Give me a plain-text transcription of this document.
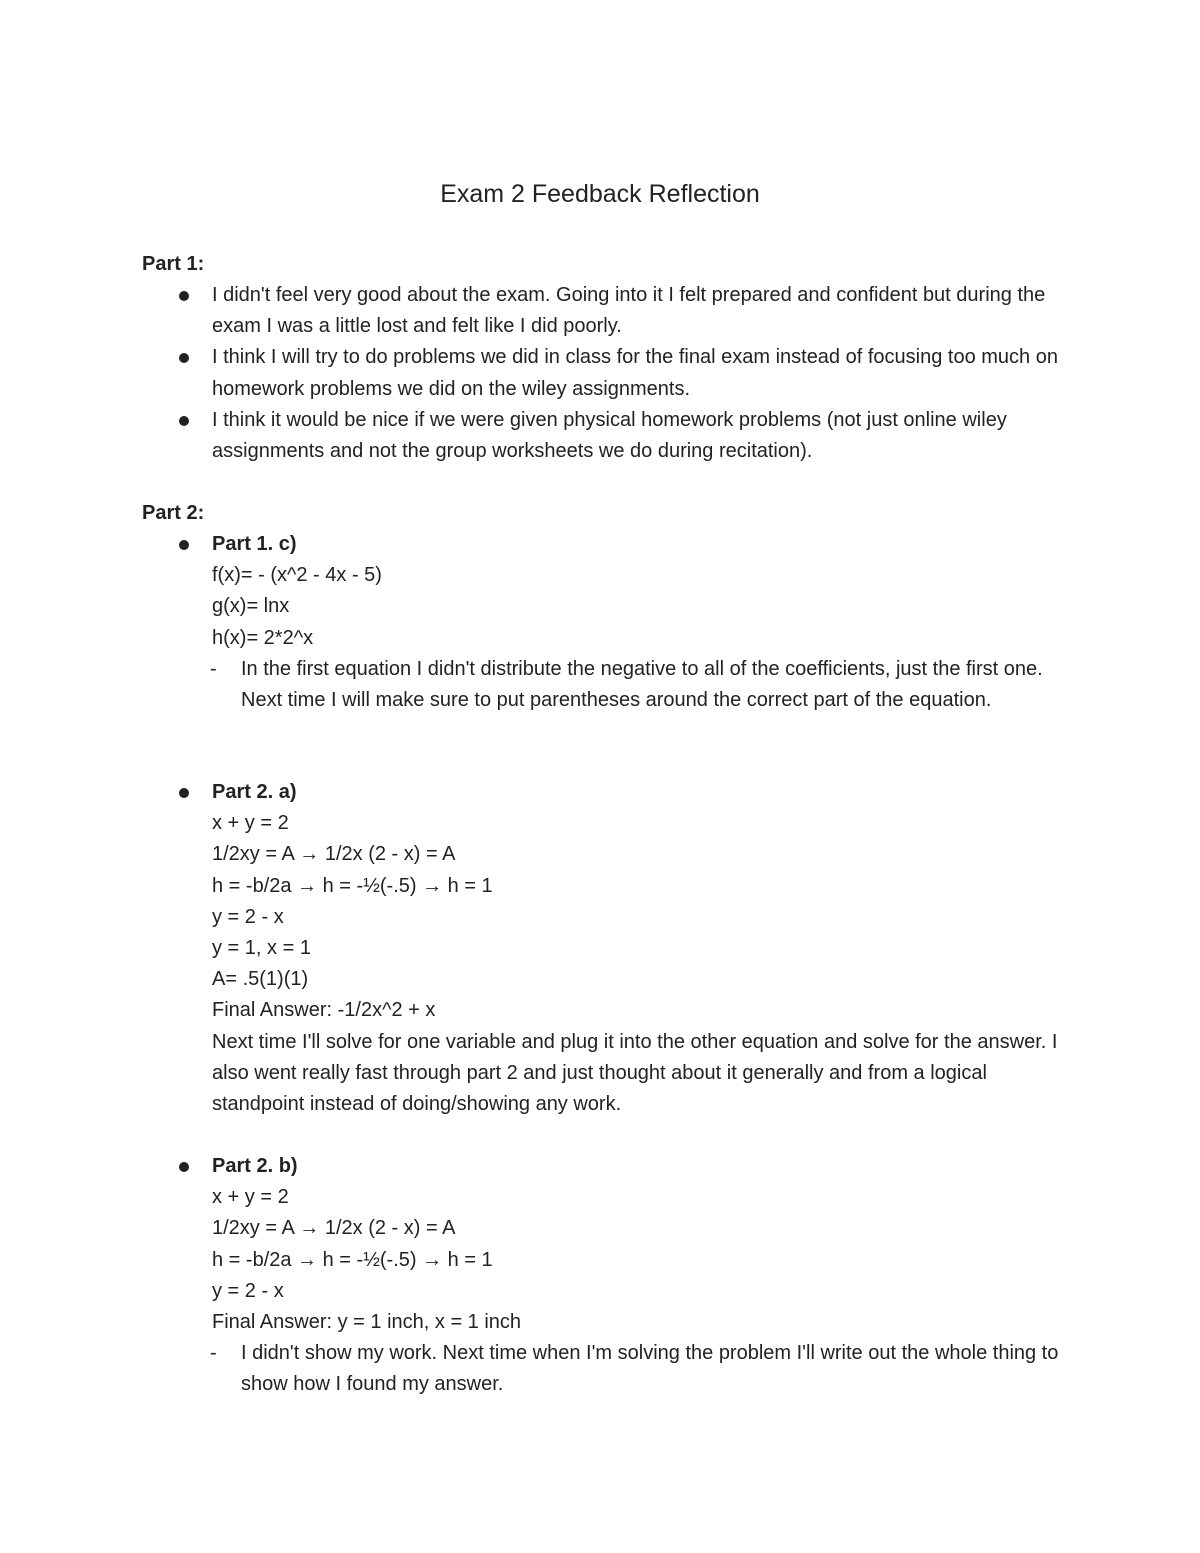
Exam 2 Feedback Reflection
Part 1:
I didn't feel very good about the exam. Going into it I felt prepared and confident but during the exam I was a little lost and felt like I did poorly.
I think I will try to do problems we did in class for the final exam instead of focusing too much on homework problems we did on the wiley assignments.
I think it would be nice if we were given physical homework problems (not just online wiley assignments and not the group worksheets we do during recitation).
Part 2:
Part 1. c)
f(x)= - (x^2 - 4x - 5)
g(x)= lnx
h(x)= 2*2^x
- In the first equation I didn't distribute the negative to all of the coefficients, just the first one. Next time I will make sure to put parentheses around the correct part of the equation.
Part 2. a)
x + y = 2
1/2xy = A → 1/2x (2 - x) = A
h = -b/2a → h = -½(-.5) → h = 1
y = 2 - x
y = 1, x = 1
A= .5(1)(1)
Final Answer: -1/2x^2 + x
Next time I'll solve for one variable and plug it into the other equation and solve for the answer. I also went really fast through part 2 and just thought about it generally and from a logical standpoint instead of doing/showing any work.
Part 2. b)
x + y = 2
1/2xy = A → 1/2x (2 - x) = A
h = -b/2a → h = -½(-.5) → h = 1
y = 2 - x
Final Answer: y = 1 inch, x = 1 inch
- I didn't show my work. Next time when I'm solving the problem I'll write out the whole thing to show how I found my answer.
